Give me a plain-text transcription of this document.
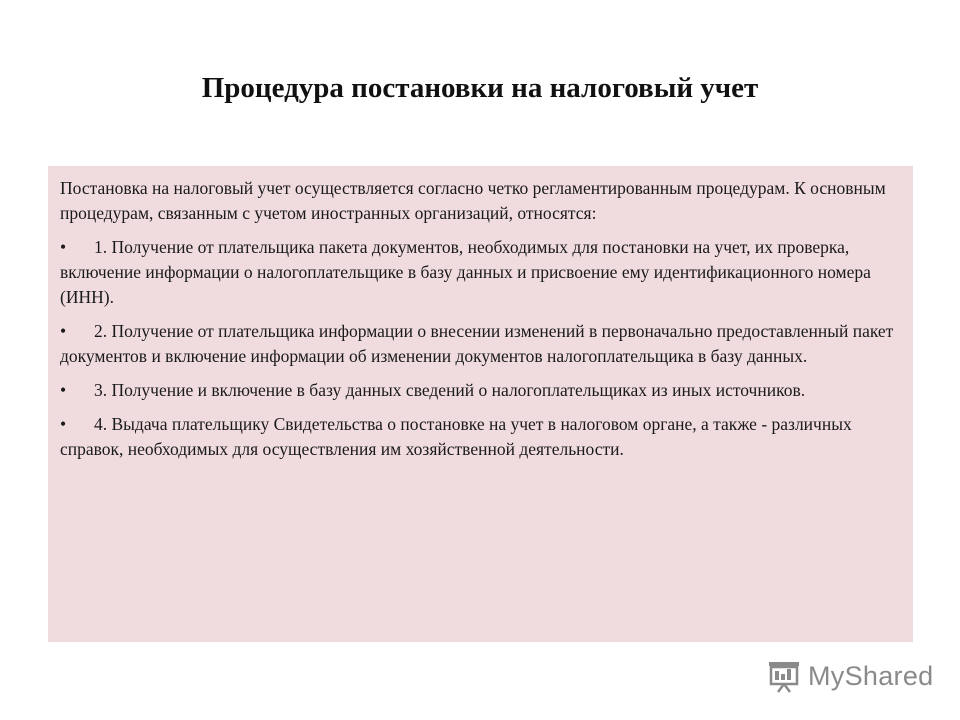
Процедура постановки на налоговый учет

Постановка на налоговый учет осуществляется согласно четко регламентированным процедурам. К основным процедурам, связанным с учетом иностранных организаций, относятся:

• 1. Получение от плательщика пакета документов, необходимых для постановки на учет, их проверка, включение информации о налогоплательщике в базу данных и присвоение ему идентификационного номера (ИНН).

• 2. Получение от плательщика информации о внесении изменений в первоначально предоставленный пакет документов и включение информации об изменении документов налогоплательщика в базу данных.

• 3. Получение и включение в базу данных сведений о налогоплательщиках из иных источников.

• 4. Выдача плательщику Свидетельства о постановке на учет в налоговом органе, а также - различных справок, необходимых для осуществления им хозяйственной деятельности.

MyShared
